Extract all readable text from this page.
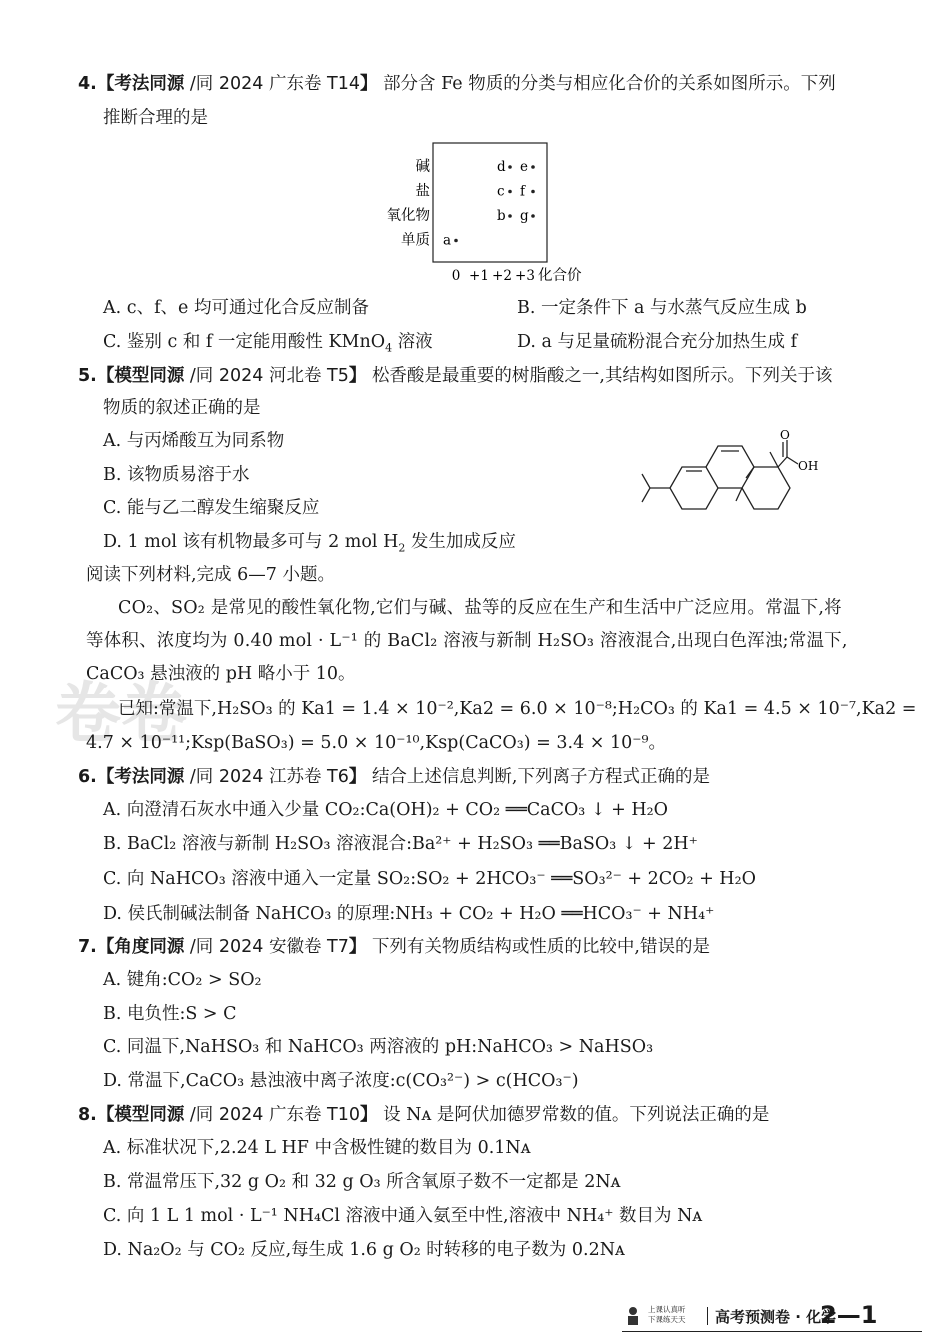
卷卷
4.【考法同源 /同 2024 广东卷 T14】 部分含 Fe 物质的分类与相应化合价的关系如图所示。下列
推断合理的是
碱
盐
氧化物
单质
0 +1 +2 +3
a
b g
c f
d e
化合价
A. c、f、e 均可通过化合反应制备	B. 一定条件下 a 与水蒸气反应生成 b
C. 鉴别 c 和 f 一定能用酸性 KMnO$_4$ 溶液	D. a 与足量硫粉混合充分加热生成 f
5.【模型同源 /同 2024 河北卷 T5】 松香酸是最重要的树脂酸之一,其结构如图所示。下列关于该
物质的叙述正确的是
A. 与丙烯酸互为同系物
B. 该物质易溶于水
C. 能与乙二醇发生缩聚反应
D. 1 mol 该有机物最多可与 2 mol $H_2$ 发生加成反应
O
OH
阅读下列材料,完成 6—7 小题。
CO₂、SO₂ 是常见的酸性氧化物,它们与碱、盐等的反应在生产和生活中广泛应用。常温下,将
等体积、浓度均为 0.40 mol · L⁻¹ 的 BaCl₂ 溶液与新制 H₂SO₃ 溶液混合,出现白色浑浊;常温下,
CaCO₃ 悬浊液的 pH 略小于 10。
已知:常温下,H₂SO₃ 的 Ka1 = 1.4 × 10⁻²,Ka2 = 6.0 × 10⁻⁸;H₂CO₃ 的 Ka1 = 4.5 × 10⁻⁷,Ka2 =
4.7 × 10⁻¹¹;Ksp(BaSO₃) = 5.0 × 10⁻¹⁰,Ksp(CaCO₃) = 3.4 × 10⁻⁹。
6.【考法同源 /同 2024 江苏卷 T6】 结合上述信息判断,下列离子方程式正确的是
A. 向澄清石灰水中通入少量 CO₂:Ca(OH)₂ + CO₂ ══CaCO₃ ↓ + H₂O
B. BaCl₂ 溶液与新制 H₂SO₃ 溶液混合:Ba²⁺ + H₂SO₃ ══BaSO₃ ↓ + 2H⁺
C. 向 NaHCO₃ 溶液中通入一定量 SO₂:SO₂ + 2HCO₃⁻ ══SO₃²⁻ + 2CO₂ + H₂O
D. 侯氏制碱法制备 NaHCO₃ 的原理:NH₃ + CO₂ + H₂O ══HCO₃⁻ + NH₄⁺
7.【角度同源 /同 2024 安徽卷 T7】 下列有关物质结构或性质的比较中,错误的是
A. 键角:CO₂ > SO₂
B. 电负性:S > C
C. 同温下,NaHSO₃ 和 NaHCO₃ 两溶液的 pH:NaHCO₃ > NaHSO₃
D. 常温下,CaCO₃ 悬浊液中离子浓度:c(CO₃²⁻) > c(HCO₃⁻)
8.【模型同源 /同 2024 广东卷 T10】 设 Nᴀ 是阿伏加德罗常数的值。下列说法正确的是
A. 标准状况下,2.24 L HF 中含极性键的数目为 0.1Nᴀ
B. 常温常压下,32 g O₂ 和 32 g O₃ 所含氧原子数不一定都是 2Nᴀ
C. 向 1 L 1 mol · L⁻¹ NH₄Cl 溶液中通入氨至中性,溶液中 NH₄⁺ 数目为 Nᴀ
D. Na₂O₂ 与 CO₂ 反应,每生成 1.6 g O₂ 时转移的电子数为 0.2Nᴀ
上课认真听
下课练天天 高考预测卷 · 化学
2—1
